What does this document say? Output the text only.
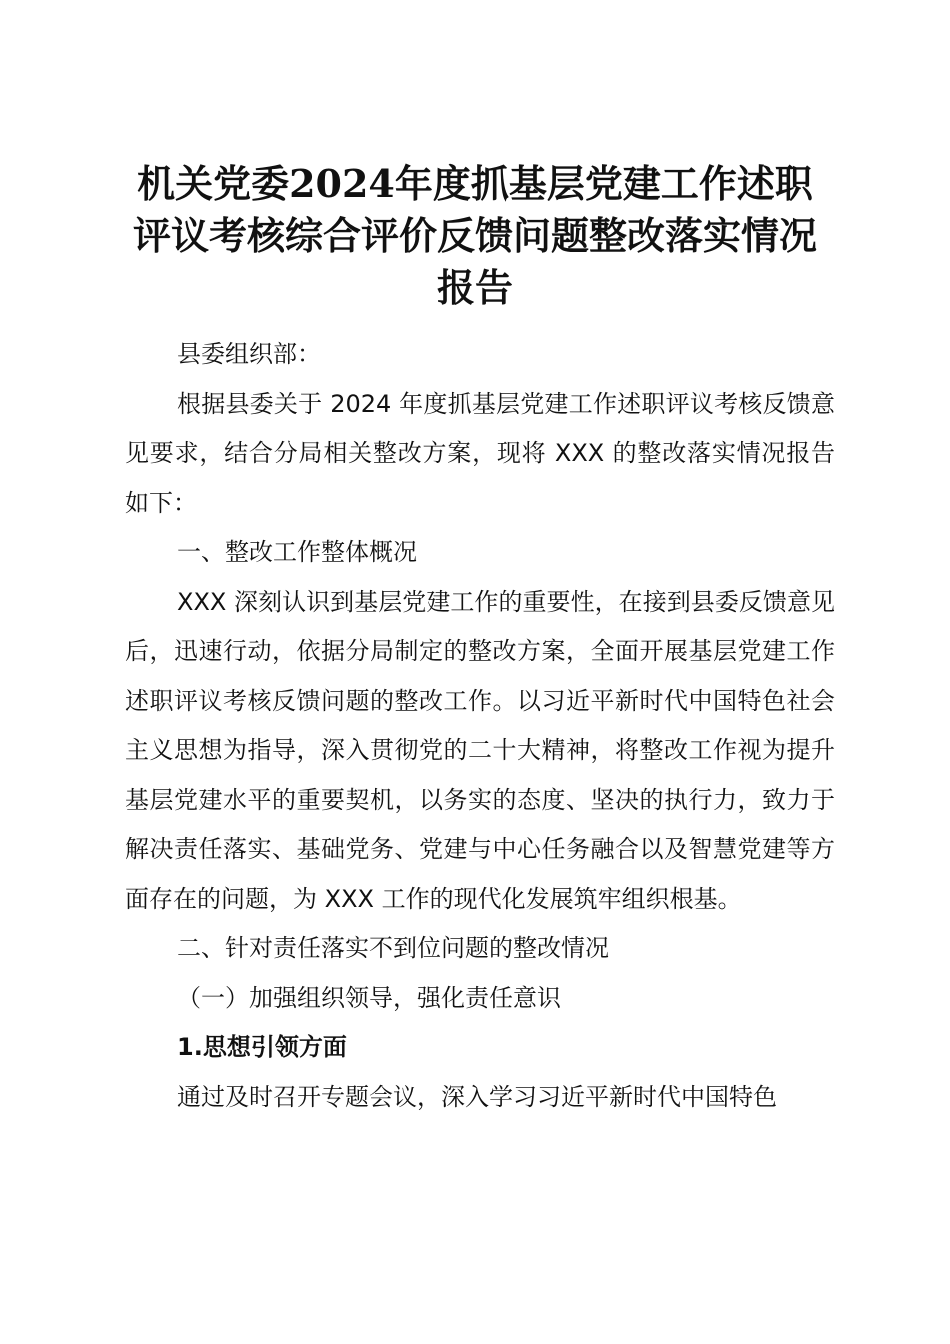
机关党委2024年度抓基层党建工作述职评议考核综合评价反馈问题整改落实情况报告

县委组织部：

根据县委关于 2024 年度抓基层党建工作述职评议考核反馈意见要求，结合分局相关整改方案，现将 XXX 的整改落实情况报告如下：

一、整改工作整体概况

XXX 深刻认识到基层党建工作的重要性，在接到县委反馈意见后，迅速行动，依据分局制定的整改方案，全面开展基层党建工作述职评议考核反馈问题的整改工作。以习近平新时代中国特色社会主义思想为指导，深入贯彻党的二十大精神，将整改工作视为提升基层党建水平的重要契机，以务实的态度、坚决的执行力，致力于解决责任落实、基础党务、党建与中心任务融合以及智慧党建等方面存在的问题，为 XXX 工作的现代化发展筑牢组织根基。

二、针对责任落实不到位问题的整改情况

（一）加强组织领导，强化责任意识

1.思想引领方面

通过及时召开专题会议，深入学习习近平新时代中国特色
